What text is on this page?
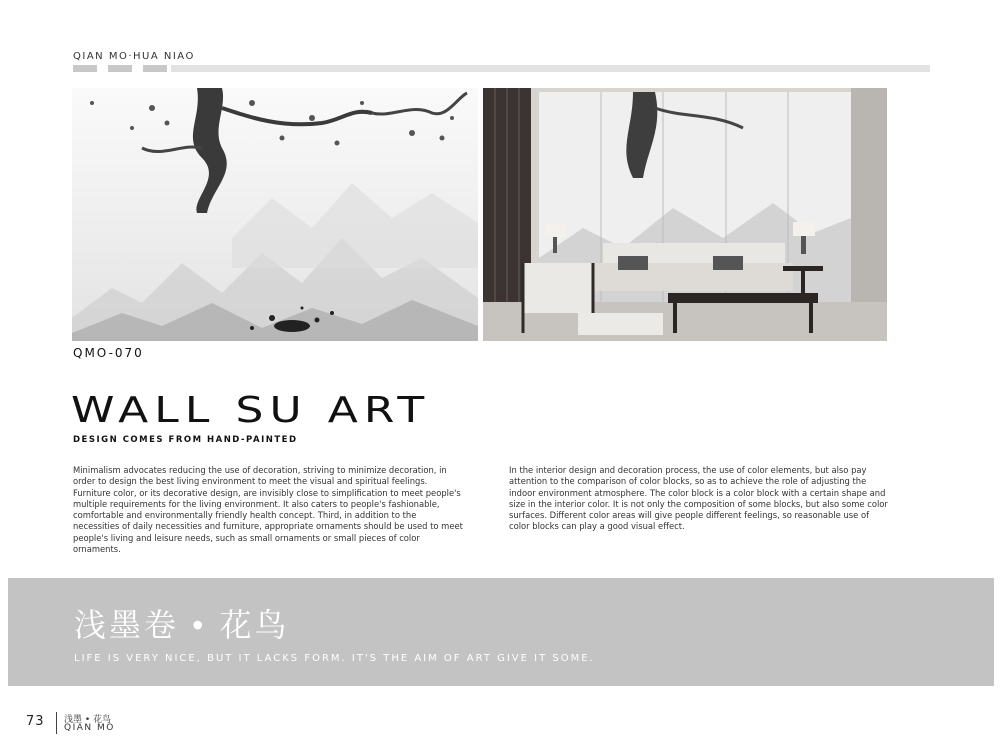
QIAN MO·HUA NIAO
QMO-070
WALL SU ART
DESIGN COMES FROM HAND-PAINTED

Minimalism advocates reducing the use of decoration, striving to minimize decoration, in order to design the best living environment to meet the visual and spiritual feelings. Furniture color, or its decorative design, are invisibly close to simplification to meet people's multiple requirements for the living environment. It also caters to people's fashionable, comfortable and environmentally friendly health concept. Third, in addition to the necessities of daily necessities and furniture, appropriate ornaments should be used to meet people's living and leisure needs, such as small ornaments or small pieces of color ornaments.

In the interior design and decoration process, the use of color elements, but also pay attention to the comparison of color blocks, so as to achieve the role of adjusting the indoor environment atmosphere. The color block is a color block with a certain shape and size in the interior color. It is not only the composition of some blocks, but also some color surfaces. Different color areas will give people different feelings, so reasonable use of color blocks can play a good visual effect.

浅墨卷 • 花鸟
LIFE IS VERY NICE, BUT IT LACKS FORM. IT'S THE AIM OF ART GIVE IT SOME.
73 浅墨 • 花鸟
QIAN MO
